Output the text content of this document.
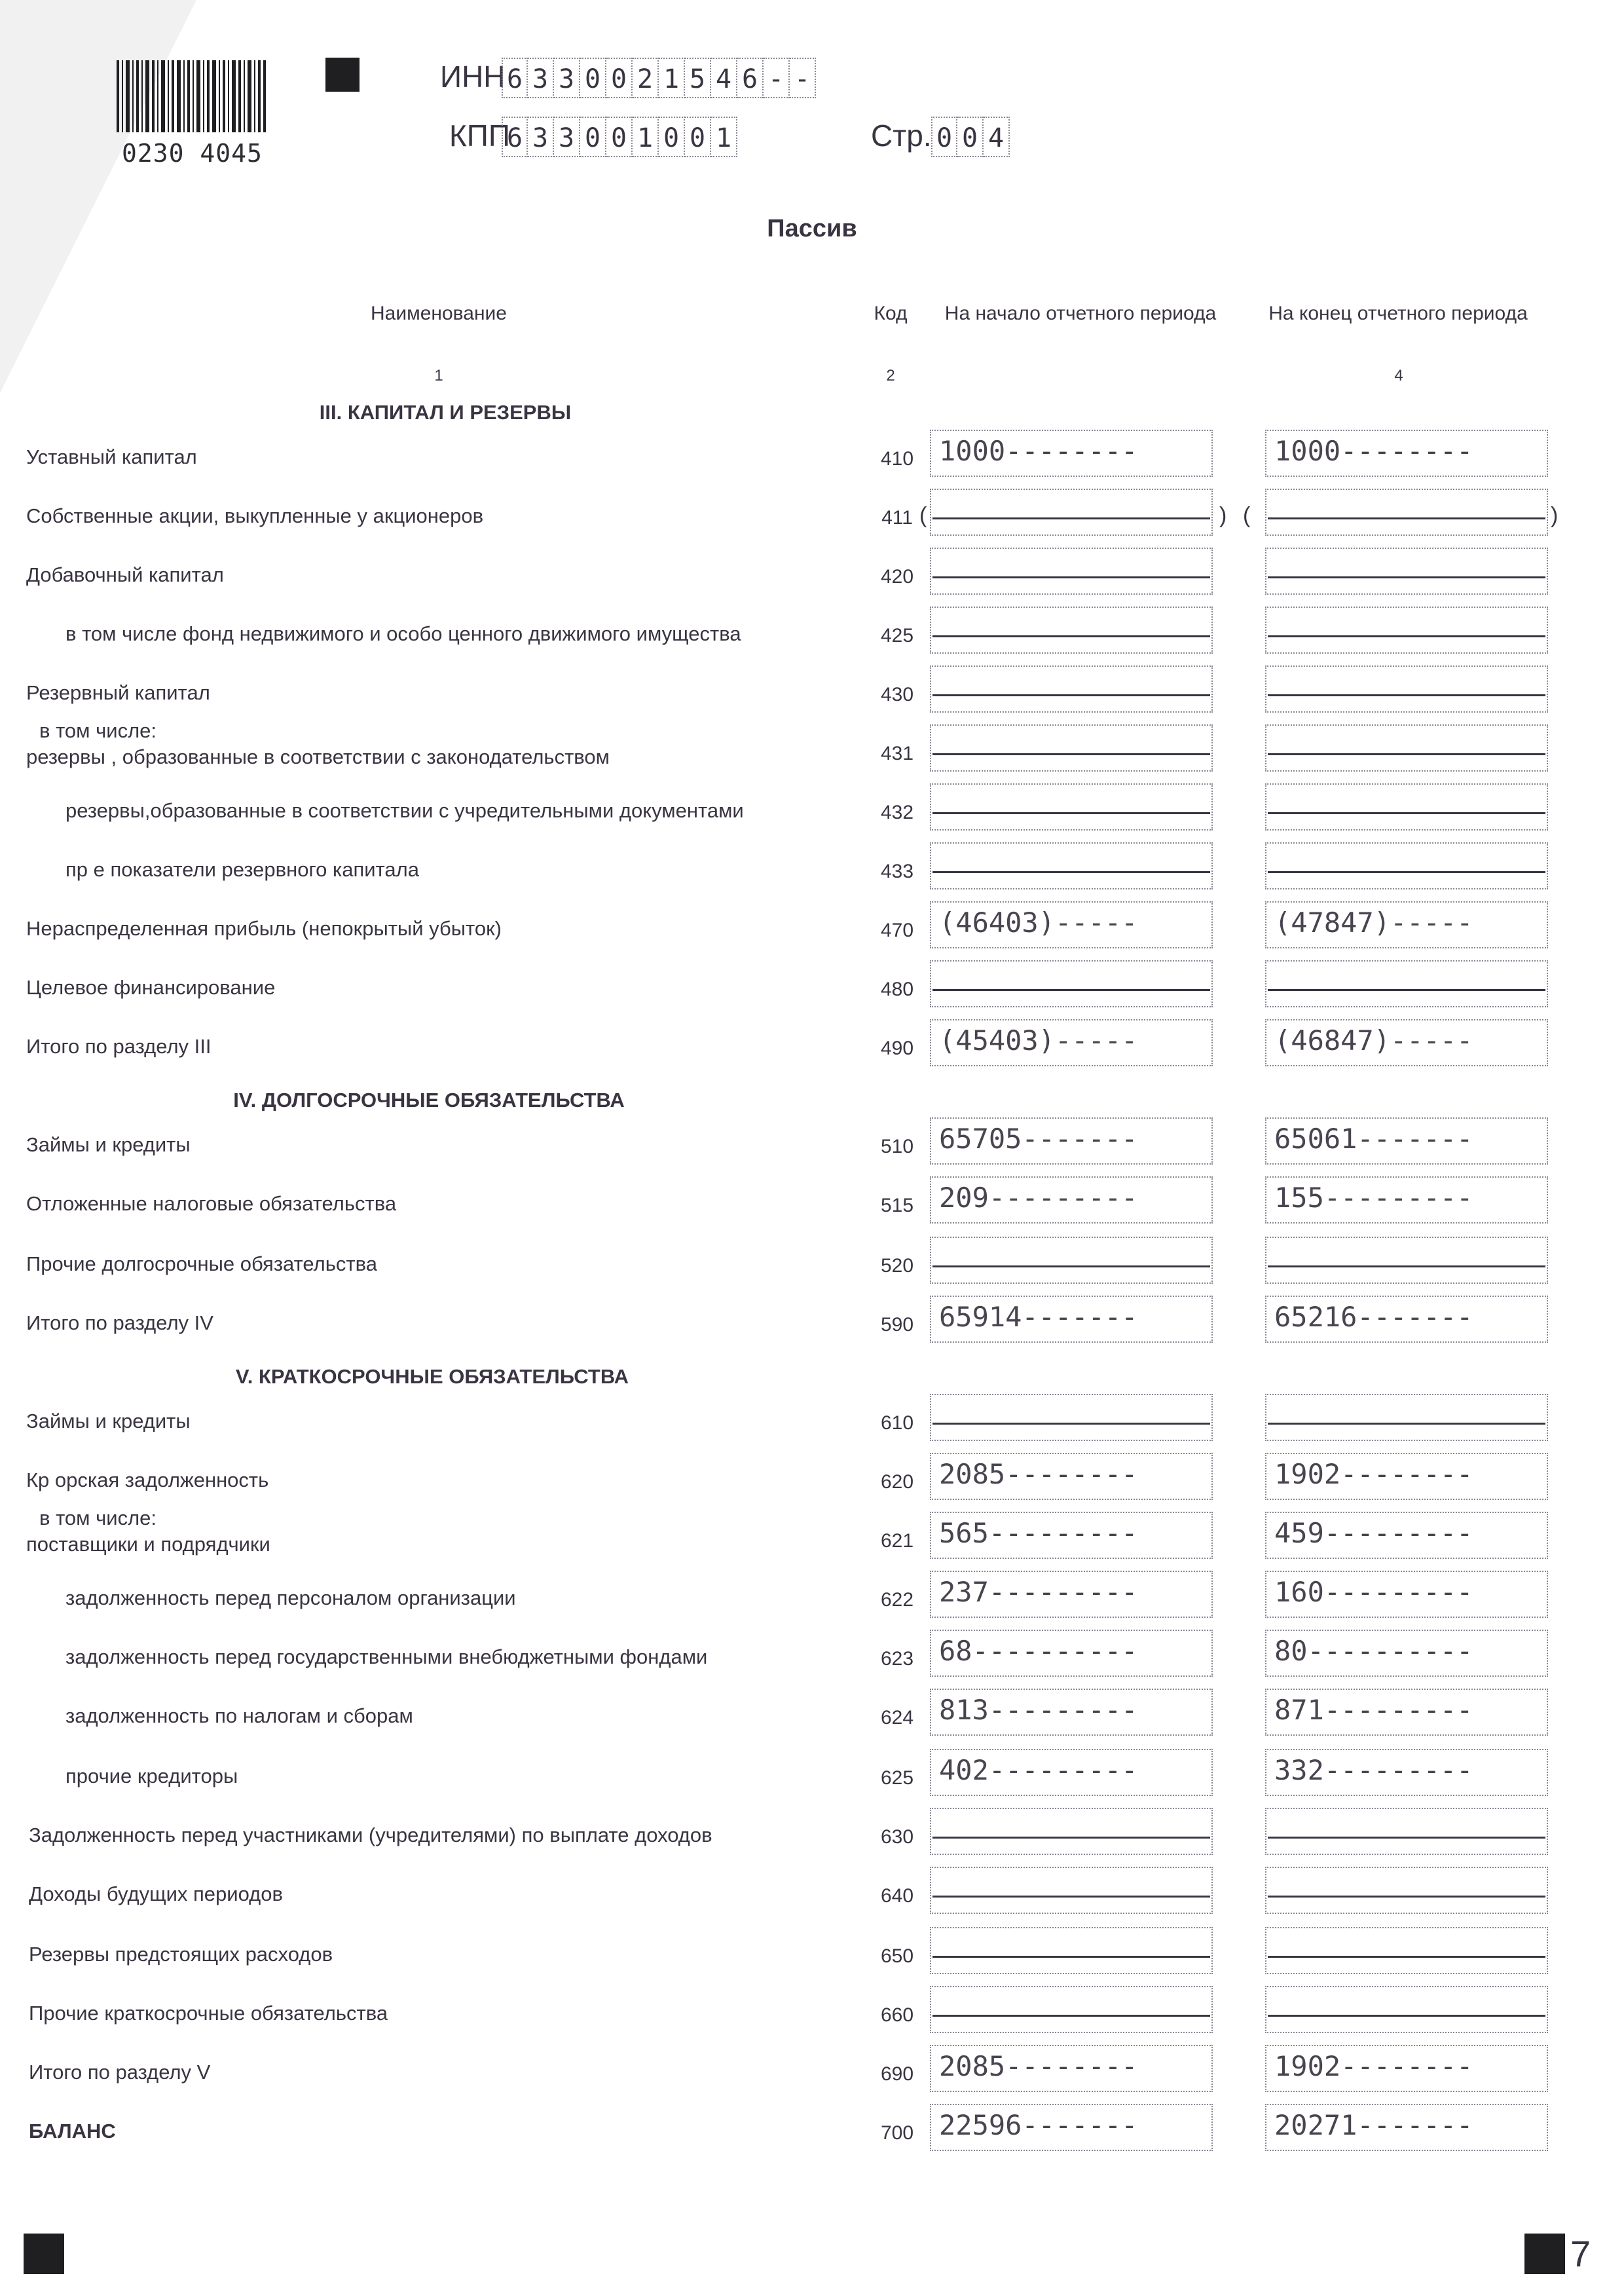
7
0230 4045
ИНН 6 3 3 0 0 2 1 5 4 6 - -
КПП
6 3 3 0 0 1 0 0 1	Стр. 0 0 4
Пассив
Наименование	Код	На начало отчетного периода	На конец отчетного периода
1	2	4
III. КАПИТАЛ И РЕЗЕРВЫ
IV. ДОЛГОСРОЧНЫЕ ОБЯЗАТЕЛЬСТВА
V. КРАТКОСРОЧНЫЕ ОБЯЗАТЕЛЬСТВА
Уставный капитал	410 1000--------	1000--------
Собственные акции, выкупленные у акционеров	411 (	) (	)
Добавочный капитал	420
в том числе фонд недвижимого и особо ценного движимого имущества	425
Резервный капитал	430
в том числе:
резервы , образованные в соответствии с законодательством	431
резервы,образованные в соответствии с учредительными документами	432
пр е показатели резервного капитала	433
Нераспределенная прибыль (непокрытый убыток)	470 (46403)-----	(47847)-----
Целевое финансирование	480
Итого по разделу III	490 (45403)-----	(46847)-----
Займы и кредиты	510 65705-------	65061-------
Отложенные налоговые обязательства	515 209---------	155---------
Прочие долгосрочные обязательства	520
Итого по разделу IV	590 65914-------	65216-------
Займы и кредиты	610
Кр орская задолженность	620 2085--------	1902--------
в том числе:
поставщики и подрядчики	621 565---------	459---------
задолженность перед персоналом организации	622 237---------	160---------
задолженность перед государственными внебюджетными фондами	623 68----------	80----------
задолженность по налогам и сборам	624 813---------	871---------
прочие кредиторы	625 402---------	332---------
Задолженность перед участниками (учредителями) по выплате доходов	630
Доходы будущих периодов	640
Резервы предстоящих расходов	650
Прочие краткосрочные обязательства	660
Итого по разделу V	690 2085--------	1902--------
БАЛАНС	700 22596-------	20271-------
